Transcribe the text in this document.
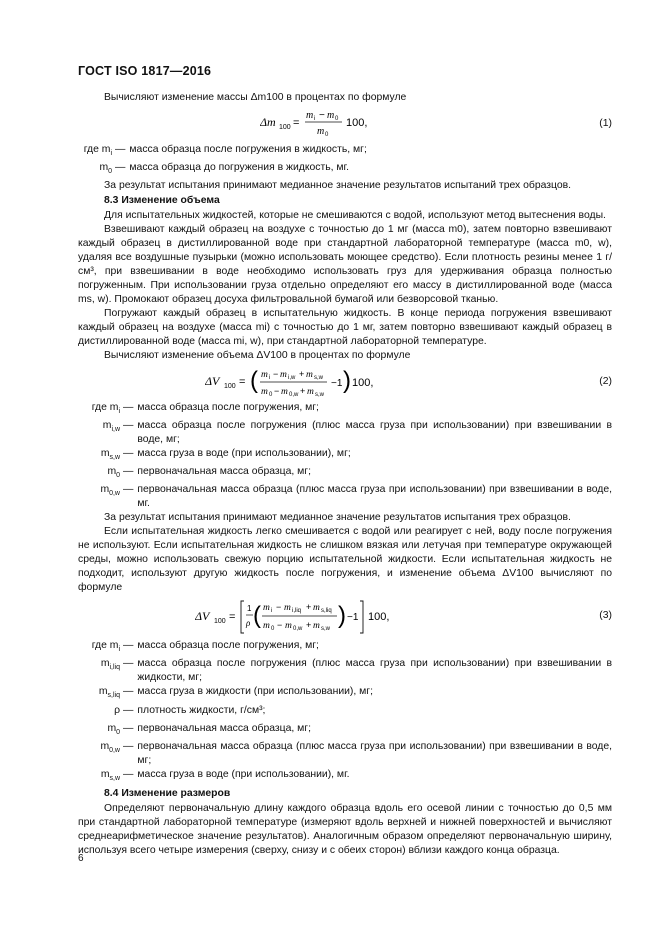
ГОСТ ISO 1817—2016

Вычисляют изменение массы Δm100 в процентах по формуле

Δm 100 =
m i − m 0
m 0
100,	(1)
где $m_i$ — масса образца после погружения в жидкость, мг;
$m_0$ — масса образца до погружения в жидкость, мг.

За результат испытания принимают медианное значение результатов испытаний трех образцов.

8.3 Изменение объема

Для испытательных жидкостей, которые не смешиваются с водой, используют метод вытеснения воды.

Взвешивают каждый образец на воздухе с точностью до 1 мг (масса m0), затем повторно взвешивают каждый образец в дистиллированной воде при стандартной лабораторной температуре (масса m0, w), удаляя все воздушные пузырьки (можно использовать моющее средство). Если плотность резины менее 1 г/см³, при взвешивании в воде необходимо использовать груз для удерживания образца полностью погруженным. При использовании груза отдельно определяют его массу в дистиллированной воде (масса ms, w). Промокают образец досуха фильтровальной бумагой или безворсовой тканью.

Погружают каждый образец в испытательную жидкость. В конце периода погружения взвешивают каждый образец на воздухе (масса mi) с точностью до 1 мг, затем повторно взвешивают каждый образец в дистиллированной воде (масса mi, w), при стандартной лабораторной температуре.

Вычисляют изменение объема ΔV100 в процентах по формуле

ΔV 100 = ( m i − m i,w + m s,w
m 0 − m 0,w + m s,w
−1 ) 100,	(2)
где $m_i$ — масса образца после погружения, мг;
$m_{i,w}$ — масса образца после погружения (плюс масса груза при использовании) при взвешивании в воде, мг;
$m_{s,w}$ — масса груза в воде (при использовании), мг;
$m_0$ — первоначальная масса образца, мг;
$m_{0,w}$ — первоначальная масса образца (плюс масса груза при использовании) при взвешивании в воде, мг.

За результат испытания принимают медианное значение результатов испытания трех образцов.

Если испытательная жидкость легко смешивается с водой или реагирует с ней, воду после погружения не используют. Если испытательная жидкость не слишком вязкая или летучая при температуре окружающей среды, можно использовать свежую порцию испытательной жидкости. Если испытательная жидкость не подходит, используют другую жидкость после погружения, и изменение объема ΔV100 вычисляют по формуле

ΔV 100 =
1
ρ ( m i − m i,liq + m s,liq
m 0 − m 0,w + m s,w ) −1 100,	(3)
где $m_i$ — масса образца после погружения, мг;
$m_{i,liq}$ — масса образца после погружения (плюс масса груза при использовании) при взвешивании в жидкости, мг;
$m_{s,liq}$ — масса груза в жидкости (при использовании), мг;
ρ — плотность жидкости, г/см³;
$m_0$ — первоначальная масса образца, мг;
$m_{0,w}$ — первоначальная масса образца (плюс масса груза при использовании) при взвешивании в воде, мг;
$m_{s,w}$ — масса груза в воде (при использовании), мг.

8.4 Изменение размеров

Определяют первоначальную длину каждого образца вдоль его осевой линии с точностью до 0,5 мм при стандартной лабораторной температуре (измеряют вдоль верхней и нижней поверхностей и вычисляют среднеарифметическое значение результатов). Аналогичным образом определяют первоначальную ширину, используя всего четыре измерения (сверху, снизу и с обеих сторон) вблизи каждого конца образца.

6
